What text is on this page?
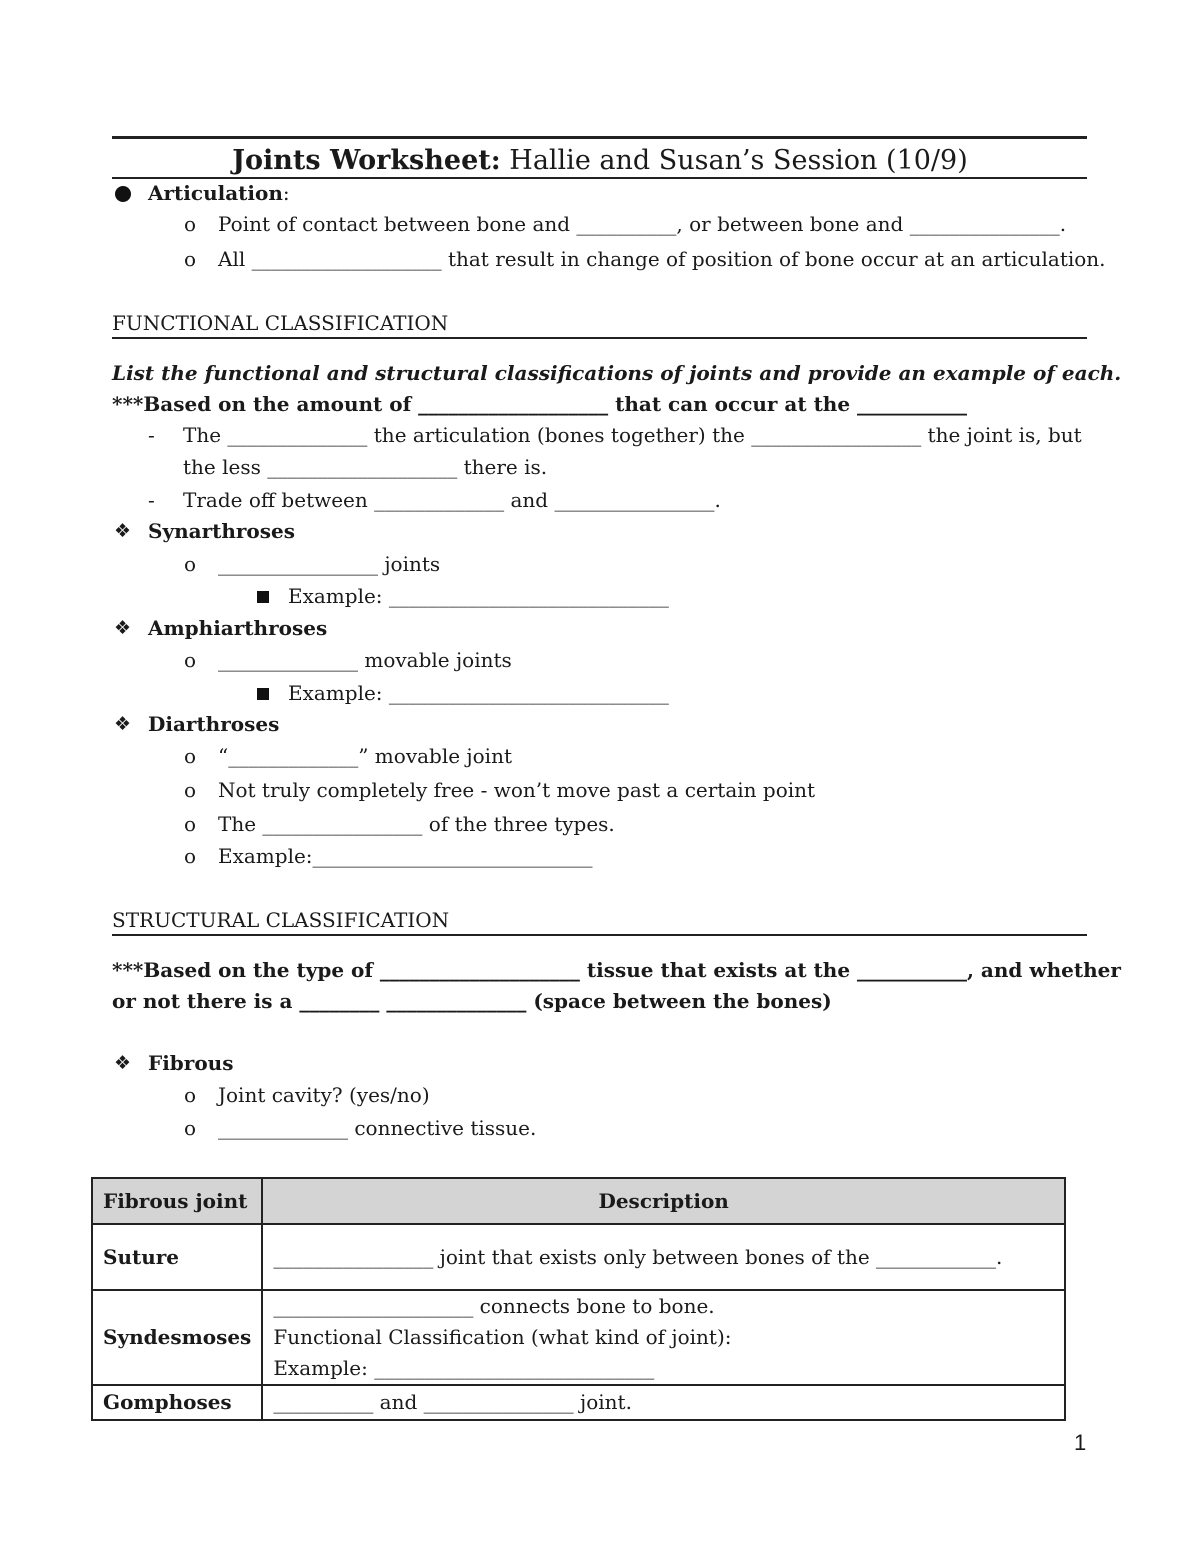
Joints Worksheet: Hallie and Susan’s Session (10/9)
Articulation:
o Point of contact between bone and __________, or between bone and _______________.
o All ___________________ that result in change of position of bone occur at an articulation.
FUNCTIONAL CLASSIFICATION
List the functional and structural classifications of joints and provide an example of each.
***Based on the amount of ___________________ that can occur at the ___________
- The ______________ the articulation (bones together) the _________________ the joint is, but
the less ___________________ there is.
- Trade off between _____________ and ________________.
❖ Synarthroses
o ________________ joints
Example: ____________________________
❖ Amphiarthroses
o ______________ movable joints
Example: ____________________________
❖ Diarthroses
o “_____________” movable joint
o Not truly completely free - won’t move past a certain point
o The ________________ of the three types.
o Example:____________________________
STRUCTURAL CLASSIFICATION
***Based on the type of ____________________ tissue that exists at the ___________, and whether
or not there is a ________ ______________ (space between the bones)
❖ Fibrous
o Joint cavity? (yes/no)
o _____________ connective tissue.
Fibrous joint	Description
Suture	________________ joint that exists only between bones of the ____________.

Syndesmoses	____________________ connects bone to bone.
Functional Classification (what kind of joint):
Example: ____________________________

Gomphoses	__________ and _______________ joint.
1
